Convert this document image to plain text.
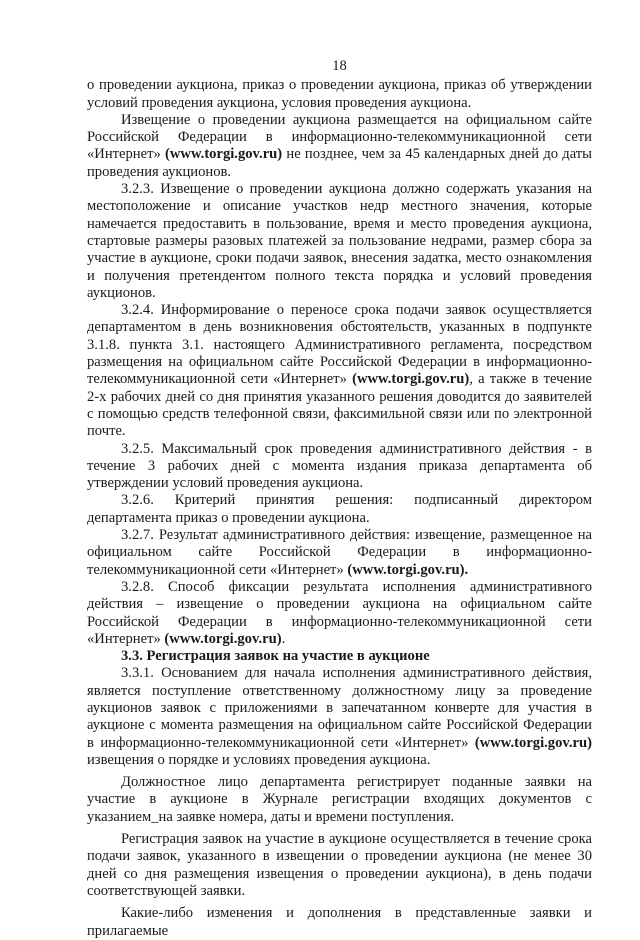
18

о проведении аукциона, приказ о проведении аукциона, приказ об утверждении условий проведения аукциона, условия проведения аукциона.

Извещение о проведении аукциона размещается на официальном сайте Российской Федерации в информационно-телекоммуникационной сети «Интернет» (www.torgi.gov.ru) не позднее, чем за 45 календарных дней до даты проведения аукционов.

3.2.3. Извещение о проведении аукциона должно содержать указания на местоположение и описание участков недр местного значения, которые намечается предоставить в пользование, время и место проведения аукциона, стартовые размеры разовых платежей за пользование недрами, размер сбора за участие в аукционе, сроки подачи заявок, внесения задатка, место ознакомления и получения претендентом полного текста порядка и условий проведения аукционов.

3.2.4. Информирование о переносе срока подачи заявок осуществляется департаментом в день возникновения обстоятельств, указанных в подпункте 3.1.8. пункта 3.1. настоящего Административного регламента, посредством размещения на официальном сайте Российской Федерации в информационно-телекоммуникационной сети «Интернет» (www.torgi.gov.ru), а также в течение 2-х рабочих дней со дня принятия указанного решения доводится до заявителей с помощью средств телефонной связи, факсимильной связи или по электронной почте.

3.2.5. Максимальный срок проведения административного действия - в течение 3 рабочих дней с момента издания приказа департамента об утверждении условий проведения аукциона.

3.2.6. Критерий принятия решения: подписанный директором департамента приказ о проведении аукциона.

3.2.7. Результат административного действия: извещение, размещенное на официальном сайте Российской Федерации в информационно-телекоммуникационной сети «Интернет» (www.torgi.gov.ru).

3.2.8. Способ фиксации результата исполнения административного действия – извещение о проведении аукциона на официальном сайте Российской Федерации в информационно-телекоммуникационной сети «Интернет» (www.torgi.gov.ru).

3.3. Регистрация заявок на участие в аукционе

3.3.1. Основанием для начала исполнения административного действия, является поступление ответственному должностному лицу за проведение аукционов заявок с приложениями в запечатанном конверте для участия в аукционе с момента размещения на официальном сайте Российской Федерации в информационно-телекоммуникационной сети «Интернет» (www.torgi.gov.ru) извещения о порядке и условиях проведения аукциона.

Должностное лицо департамента регистрирует поданные заявки на участие в аукционе в Журнале регистрации входящих документов с указанием_на заявке номера, даты и времени поступления.

Регистрация заявок на участие в аукционе осуществляется в течение срока подачи заявок, указанного в извещении о проведении аукциона (не менее 30 дней со дня размещения извещения о проведении аукциона), в день подачи соответствующей заявки.

Какие-либо изменения и дополнения в представленные заявки и прилагаемые
